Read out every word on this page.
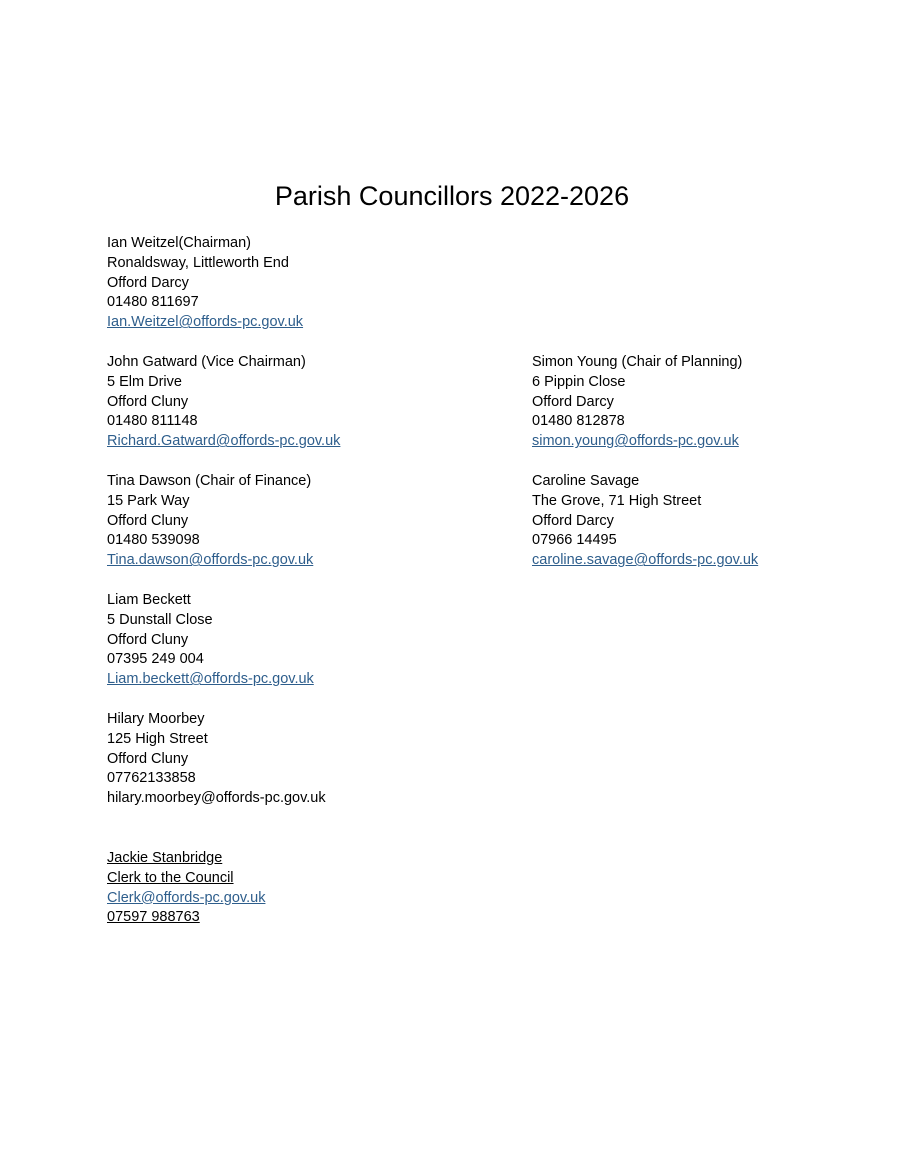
Parish Councillors 2022-2026
Ian Weitzel(Chairman)
Ronaldsway, Littleworth End
Offord Darcy
01480 811697
Ian.Weitzel@offords-pc.gov.uk
John Gatward (Vice Chairman)
5 Elm Drive
Offord Cluny
01480 811148
Richard.Gatward@offords-pc.gov.uk
Simon Young (Chair of Planning)
6 Pippin Close
Offord Darcy
01480 812878
simon.young@offords-pc.gov.uk
Tina Dawson (Chair of Finance)
15 Park Way
Offord Cluny
01480 539098
Tina.dawson@offords-pc.gov.uk
Caroline Savage
The Grove, 71 High Street
Offord Darcy
07966 14495
caroline.savage@offords-pc.gov.uk
Liam Beckett
5 Dunstall Close
Offord Cluny
07395 249 004
Liam.beckett@offords-pc.gov.uk
Hilary Moorbey
125 High Street
Offord Cluny
07762133858
hilary.moorbey@offords-pc.gov.uk
Jackie Stanbridge
Clerk to the Council
Clerk@offords-pc.gov.uk
07597 988763
